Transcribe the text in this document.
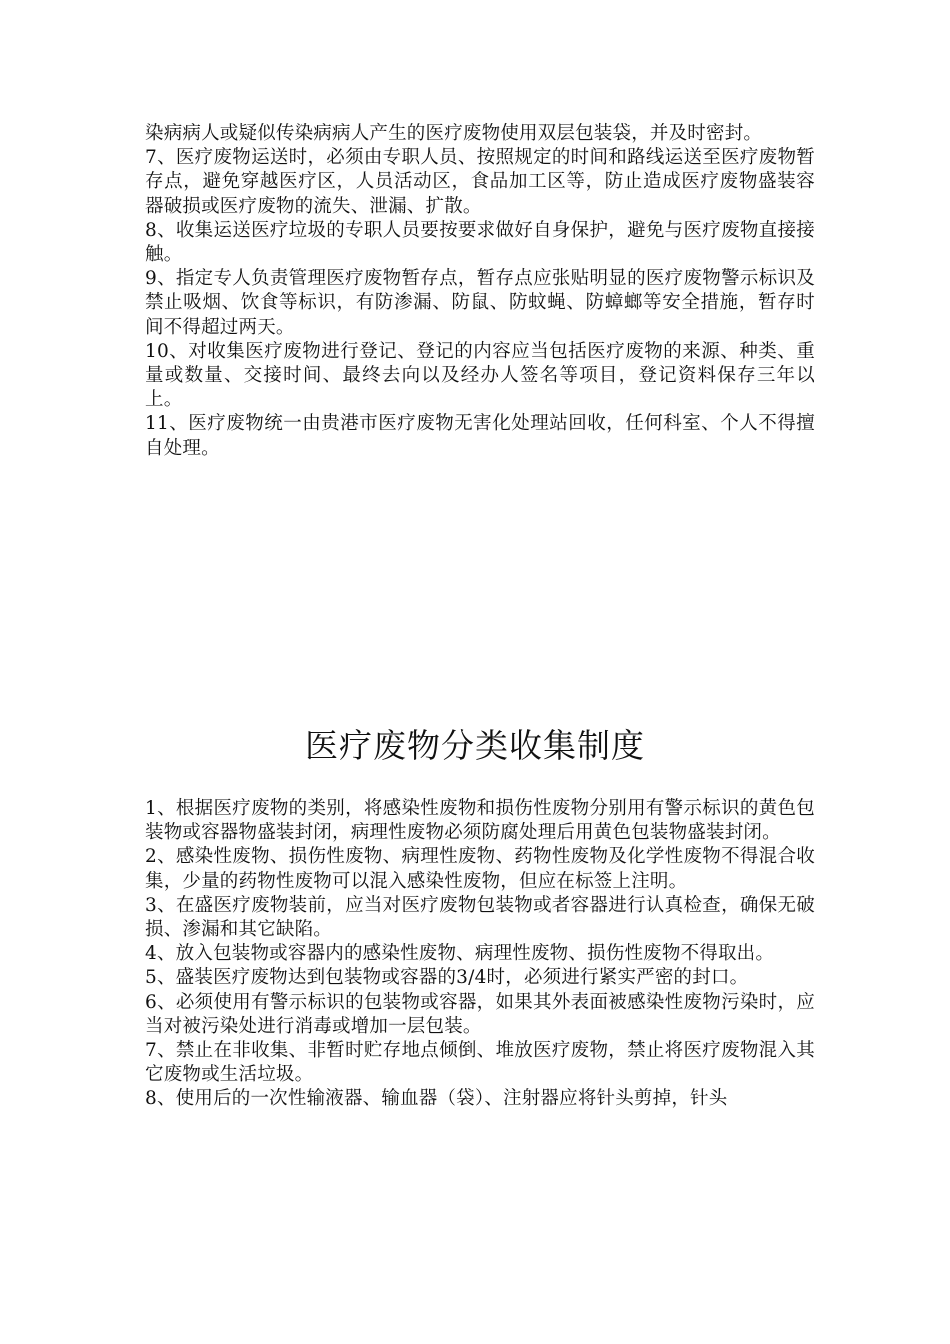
染病病人或疑似传染病病人产生的医疗废物使用双层包装袋，并及时密封。

7、医疗废物运送时，必须由专职人员、按照规定的时间和路线运送至医疗废物暂存点，避免穿越医疗区，人员活动区，食品加工区等，防止造成医疗废物盛装容器破损或医疗废物的流失、泄漏、扩散。

8、收集运送医疗垃圾的专职人员要按要求做好自身保护，避免与医疗废物直接接触。

9、指定专人负责管理医疗废物暂存点，暂存点应张贴明显的医疗废物警示标识及禁止吸烟、饮食等标识，有防渗漏、防鼠、防蚊蝇、防蟑螂等安全措施，暂存时间不得超过两天。

10、对收集医疗废物进行登记、登记的内容应当包括医疗废物的来源、种类、重量或数量、交接时间、最终去向以及经办人签名等项目，登记资料保存三年以上。

11、医疗废物统一由贵港市医疗废物无害化处理站回收，任何科室、个人不得擅自处理。

医疗废物分类收集制度

1、根据医疗废物的类别，将感染性废物和损伤性废物分别用有警示标识的黄色包装物或容器物盛装封闭，病理性废物必须防腐处理后用黄色包装物盛装封闭。

2、感染性废物、损伤性废物、病理性废物、药物性废物及化学性废物不得混合收集，少量的药物性废物可以混入感染性废物，但应在标签上注明。

3、在盛医疗废物装前，应当对医疗废物包装物或者容器进行认真检查，确保无破损、渗漏和其它缺陷。

4、放入包装物或容器内的感染性废物、病理性废物、损伤性废物不得取出。

5、盛装医疗废物达到包装物或容器的3/4时，必须进行紧实严密的封口。

6、必须使用有警示标识的包装物或容器，如果其外表面被感染性废物污染时，应当对被污染处进行消毒或增加一层包装。

7、禁止在非收集、非暂时贮存地点倾倒、堆放医疗废物，禁止将医疗废物混入其它废物或生活垃圾。

8、使用后的一次性输液器、输血器（袋）、注射器应将针头剪掉，针头
